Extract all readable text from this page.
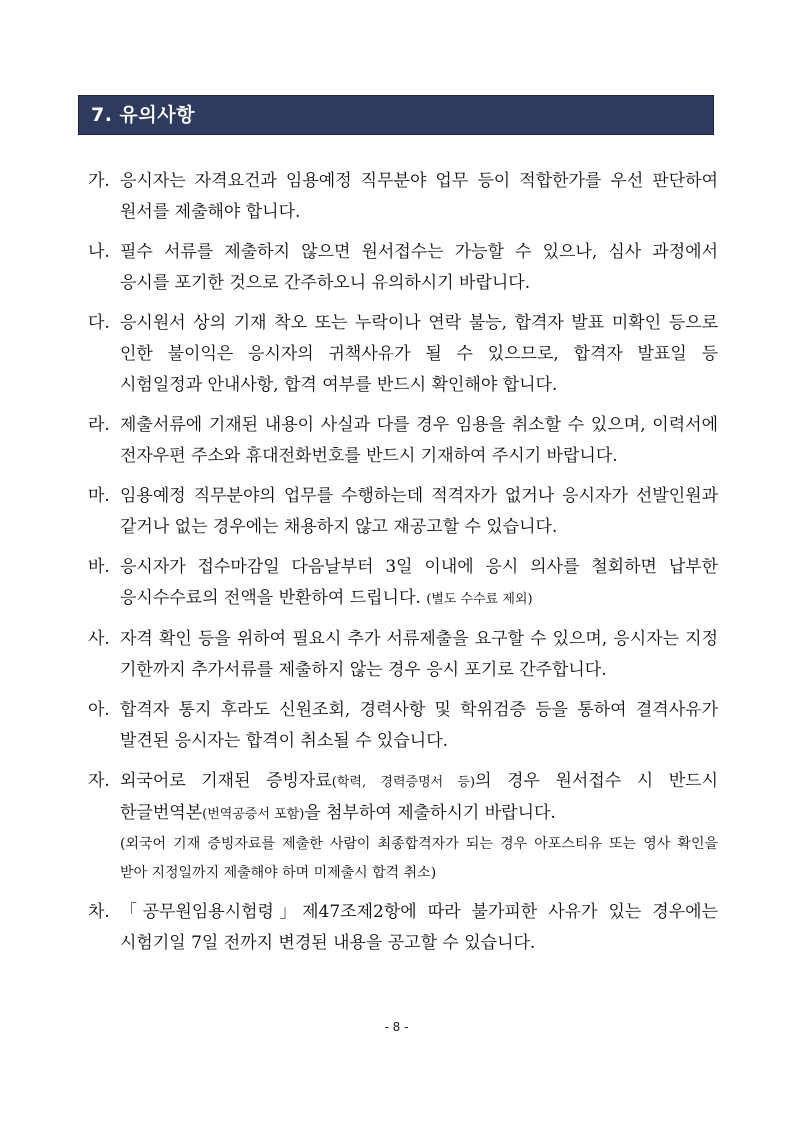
7. 유의사항
가. 응시자는 자격요건과 임용예정 직무분야 업무 등이 적합한가를 우선 판단하여 원서를 제출해야 합니다.
나. 필수 서류를 제출하지 않으면 원서접수는 가능할 수 있으나, 심사 과정에서 응시를 포기한 것으로 간주하오니 유의하시기 바랍니다.
다. 응시원서 상의 기재 착오 또는 누락이나 연락 불능, 합격자 발표 미확인 등으로 인한 불이익은 응시자의 귀책사유가 될 수 있으므로, 합격자 발표일 등 시험일정과 안내사항, 합격 여부를 반드시 확인해야 합니다.
라. 제출서류에 기재된 내용이 사실과 다를 경우 임용을 취소할 수 있으며, 이력서에 전자우편 주소와 휴대전화번호를 반드시 기재하여 주시기 바랍니다.
마. 임용예정 직무분야의 업무를 수행하는데 적격자가 없거나 응시자가 선발인원과 같거나 없는 경우에는 채용하지 않고 재공고할 수 있습니다.
바. 응시자가 접수마감일 다음날부터 3일 이내에 응시 의사를 철회하면 납부한 응시수수료의 전액을 반환하여 드립니다. (별도 수수료 제외)
사. 자격 확인 등을 위하여 필요시 추가 서류제출을 요구할 수 있으며, 응시자는 지정 기한까지 추가서류를 제출하지 않는 경우 응시 포기로 간주합니다.
아. 합격자 통지 후라도 신원조회, 경력사항 및 학위검증 등을 통하여 결격사유가 발견된 응시자는 합격이 취소될 수 있습니다.
자. 외국어로 기재된 증빙자료(학력, 경력증명서 등)의 경우 원서접수 시 반드시 한글번역본(번역공증서 포함)을 첨부하여 제출하시기 바랍니다.
(외국어 기재 증빙자료를 제출한 사람이 최종합격자가 되는 경우 아포스티유 또는 영사 확인을 받아 지정일까지 제출해야 하며 미제출시 합격 취소)
차. 「공무원임용시험령」제47조제2항에 따라 불가피한 사유가 있는 경우에는 시험기일 7일 전까지 변경된 내용을 공고할 수 있습니다.
- 8 -
